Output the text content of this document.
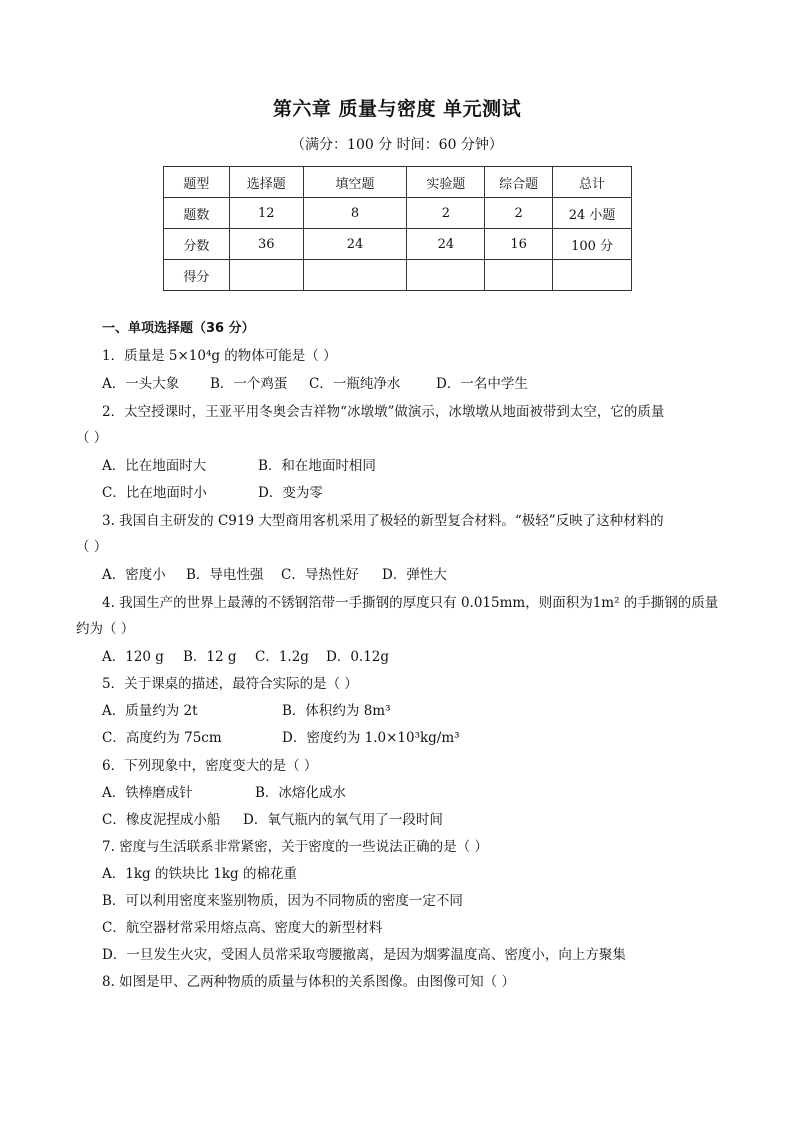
第六章 质量与密度 单元测试
（满分：100 分 时间：60 分钟）
题型	选择题	填空题	实验题	综合题	总计
题数	12	8	2	2	24 小题
分数	36	24	24	16	100 分
得分					
一、单项选择题（36 分）
1．质量是 5×10⁴g 的物体可能是（ ）
A．一头大象 B．一个鸡蛋 C．一瓶纯净水	D．一名中学生
2．太空授课时，王亚平用冬奥会吉祥物“冰墩墩”做演示，冰墩墩从地面被带到太空，它的质量
（ ）
A．比在地面时大	B．和在地面时相同
C．比在地面时小	D．变为零
3. 我国自主研发的 C919 大型商用客机采用了极轻的新型复合材料。“极轻”反映了这种材料的
（ ）
A．密度小 B．导电性强 C．导热性好 D．弹性大
4. 我国生产的世界上最薄的不锈钢箔带一手撕钢的厚度只有 0.015mm，则面积为1m² 的手撕钢的质量
约为（ ）
A．120 g B．12 g C．1.2g D．0.12g
5．关于课桌的描述，最符合实际的是（ ）
A．质量约为 2t	B．体积约为 8m³
C．高度约为 75cm	D．密度约为 1.0×10³kg/m³
6．下列现象中，密度变大的是（ ）
A．铁棒磨成针	B．冰熔化成水
C．橡皮泥捏成小船 D．氧气瓶内的氧气用了一段时间
7. 密度与生活联系非常紧密，关于密度的一些说法正确的是（ ）
A．1kg 的铁块比 1kg 的棉花重
B．可以利用密度来鉴别物质，因为不同物质的密度一定不同
C．航空器材常采用熔点高、密度大的新型材料
D．一旦发生火灾，受困人员常采取弯腰撤离，是因为烟雾温度高、密度小，向上方聚集
8. 如图是甲、乙两种物质的质量与体积的关系图像。由图像可知（ ）
